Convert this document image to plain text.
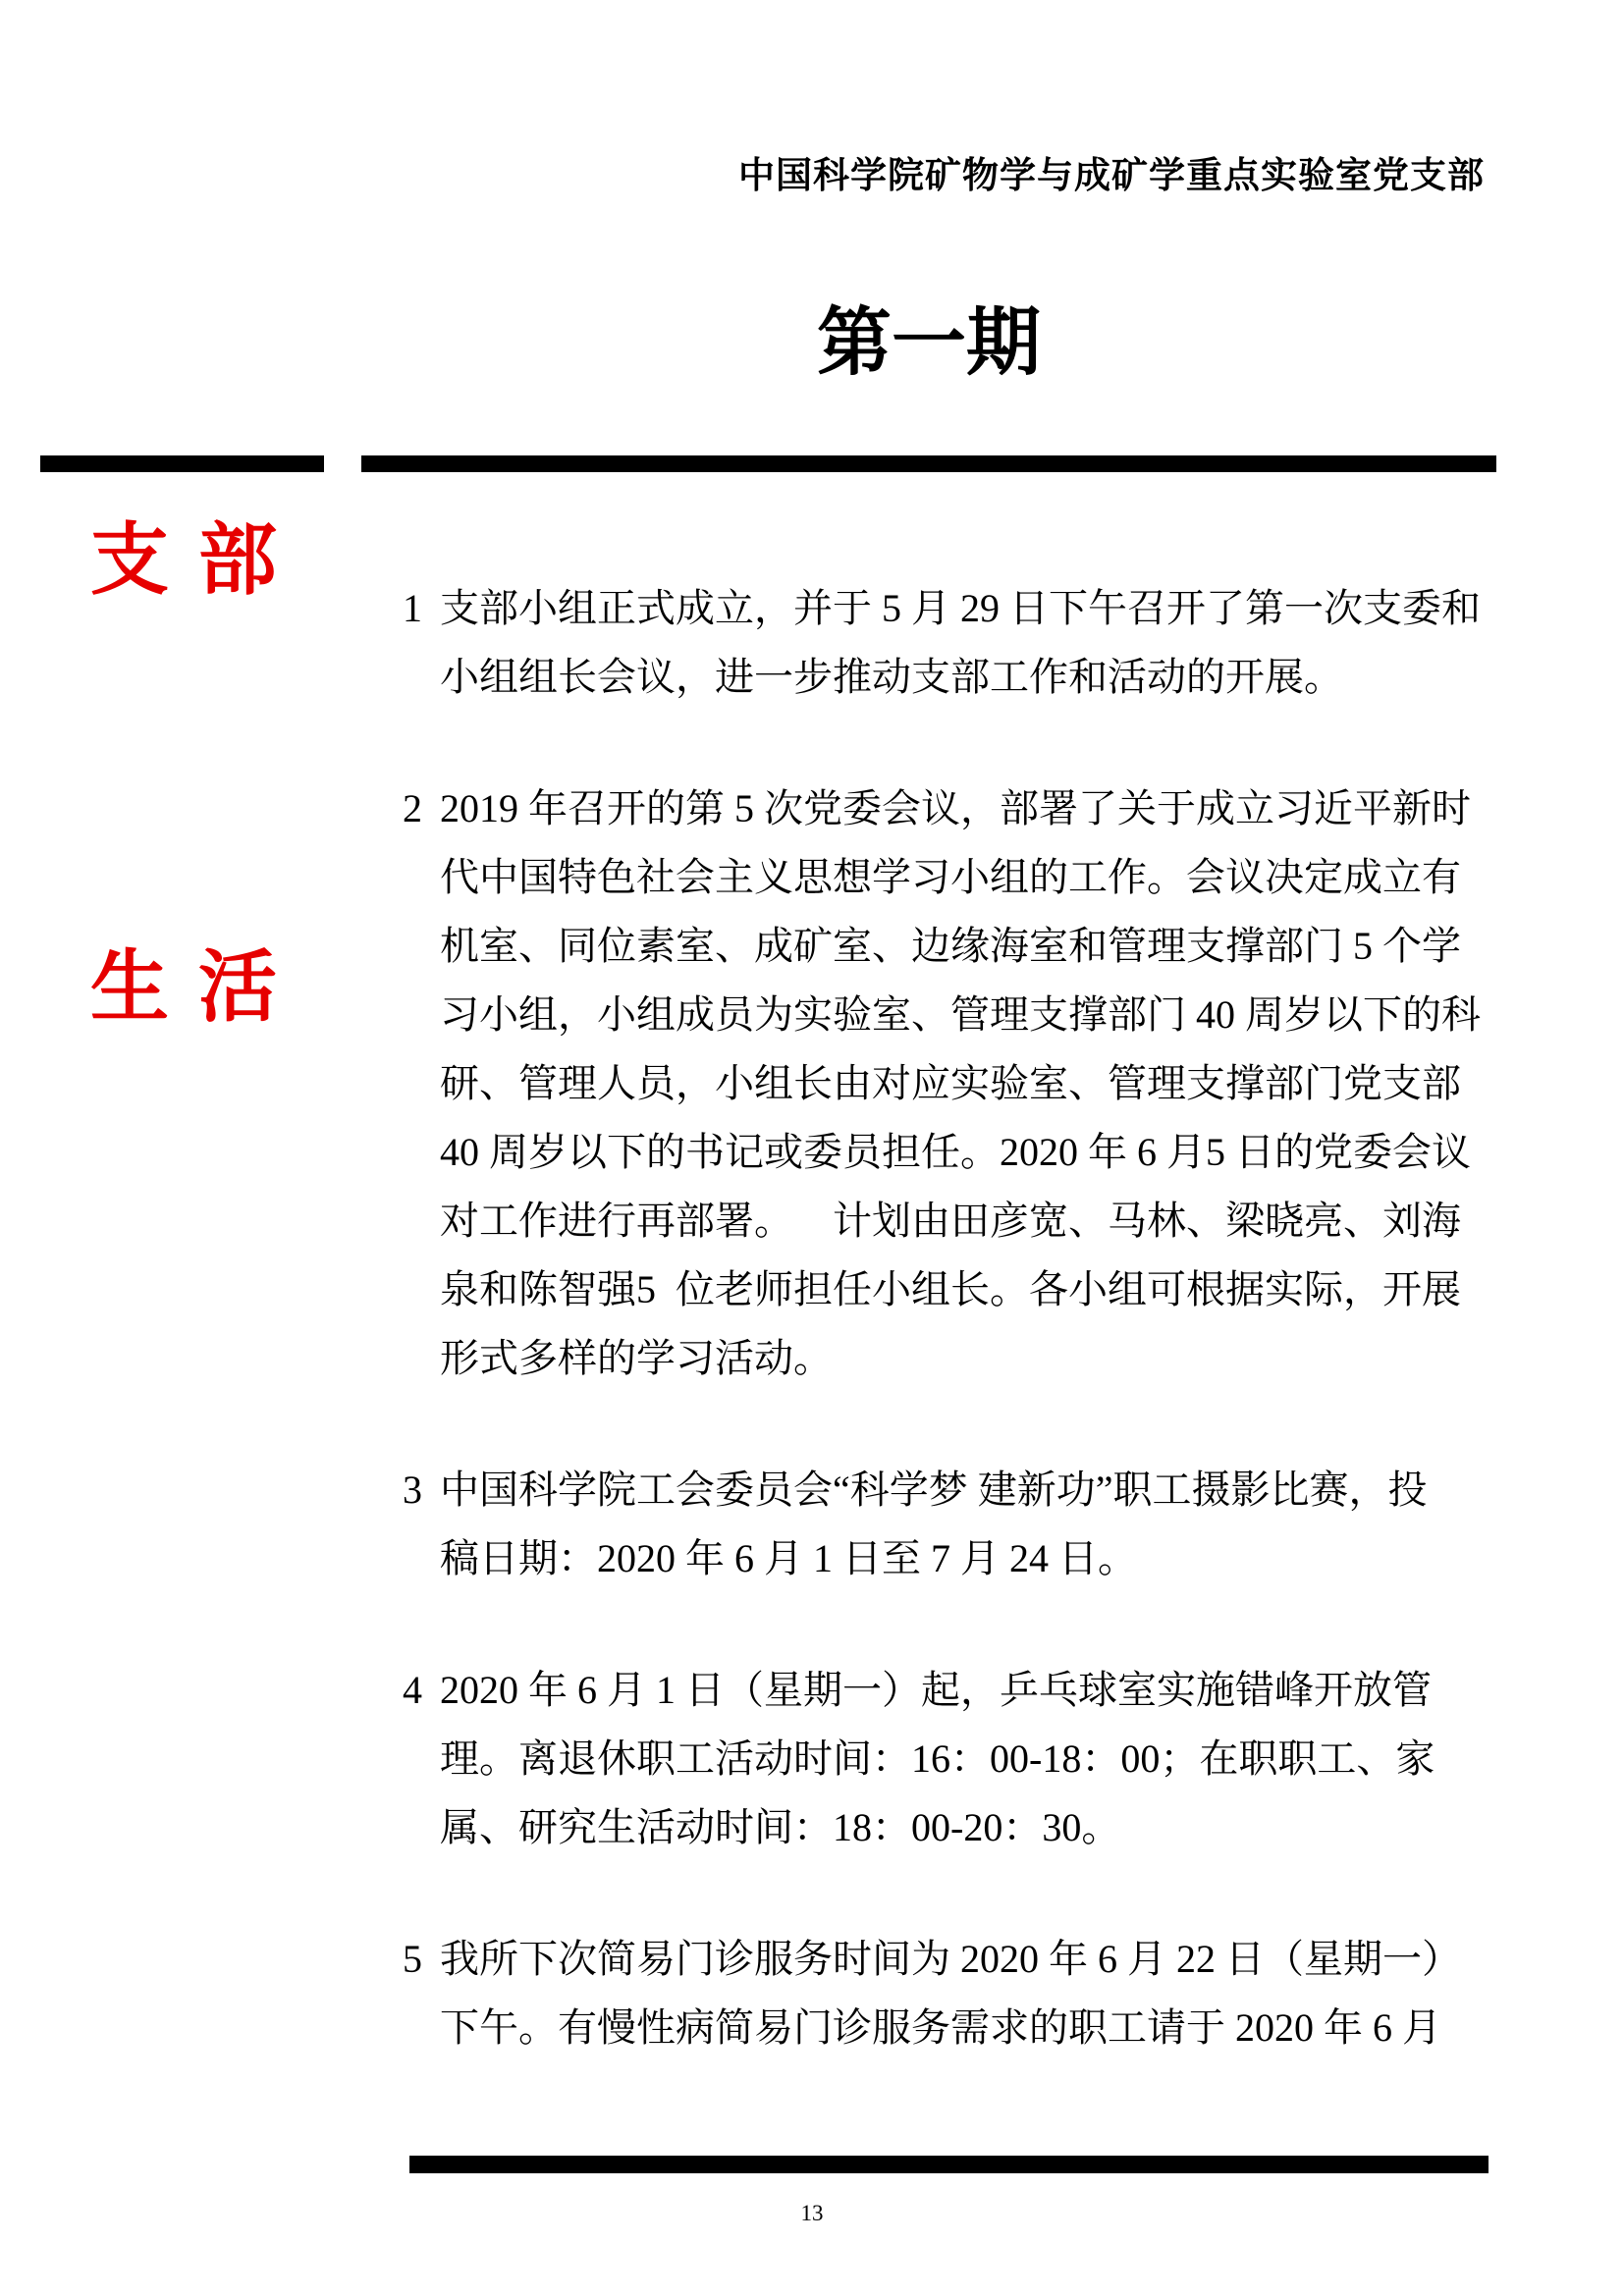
中国科学院矿物学与成矿学重点实验室党支部

支部

生活

第一期
1 支部小组正式成立，并于 5 月 29 日下午召开了第一次支委和
小组组长会议，进一步推动支部工作和活动的开展。
2 2019 年召开的第 5 次党委会议，部署了关于成立习近平新时
代中国特色社会主义思想学习小组的工作。会议决定成立有
机室、同位素室、成矿室、边缘海室和管理支撑部门 5 个学
习小组，小组成员为实验室、管理支撑部门 40 周岁以下的科
研、管理人员，小组长由对应实验室、管理支撑部门党支部
40 周岁以下的书记或委员担任。2020 年 6 月5 日的党委会议
对工作进行再部署。    计划由田彦宽、马林、梁晓亮、刘海
泉和陈智强5  位老师担任小组长。各小组可根据实际，开展
形式多样的学习活动。
3 中国科学院工会委员会“科学梦 建新功”职工摄影比赛，投
稿日期：2020 年 6 月 1 日至 7 月 24 日。
4 2020 年 6 月 1 日（星期一）起，乒乓球室实施错峰开放管
理。离退休职工活动时间：16：00-18：00；在职职工、家
属、研究生活动时间：18：00-20：30。
5 我所下次简易门诊服务时间为 2020 年 6 月 22 日（星期一）
下午。有慢性病简易门诊服务需求的职工请于 2020 年 6 月
13
